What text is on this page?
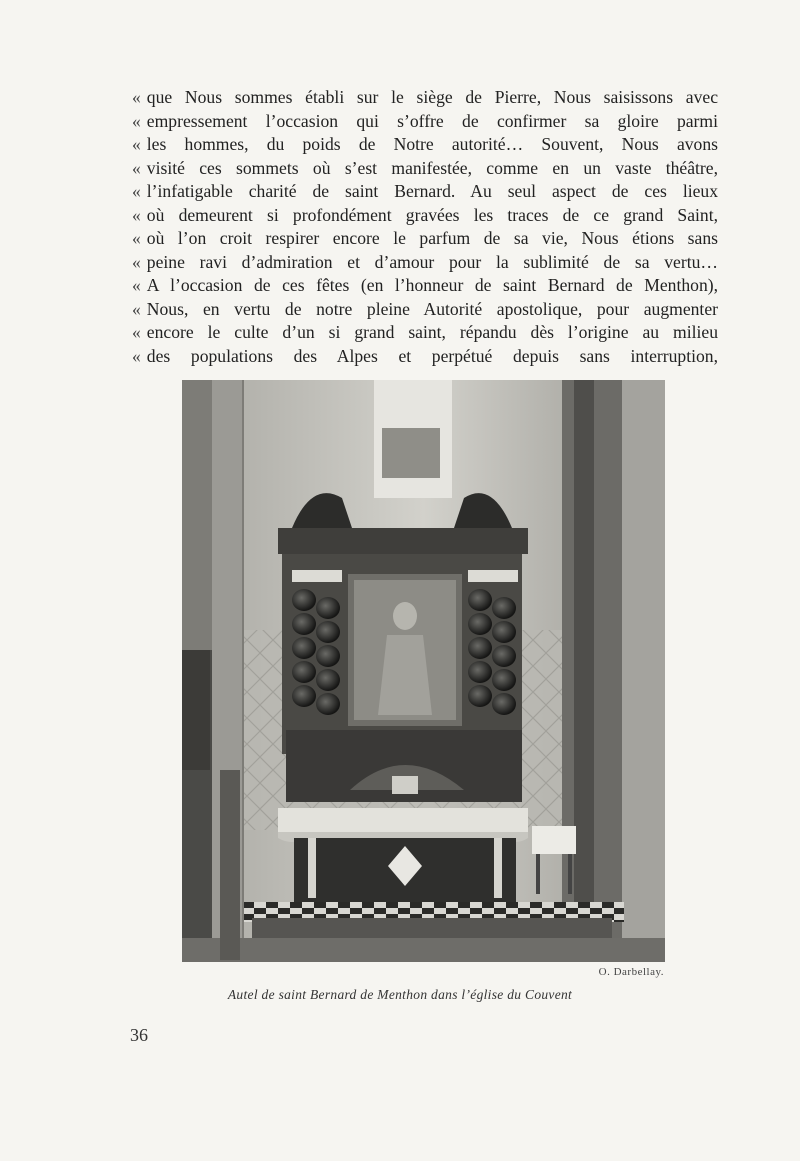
« que Nous sommes établi sur le siège de Pierre, Nous saisissons avec
« empressement l’occasion qui s’offre de confirmer sa gloire parmi
« les hommes, du poids de Notre autorité… Souvent, Nous avons
« visité ces sommets où s’est manifestée, comme en un vaste théâtre,
« l’infatigable charité de saint Bernard. Au seul aspect de ces lieux
« où demeurent si profondément gravées les traces de ce grand Saint,
« où l’on croit respirer encore le parfum de sa vie, Nous étions sans
« peine ravi d’admiration et d’amour pour la sublimité de sa vertu…
« A l’occasion de ces fêtes (en l’honneur de saint Bernard de Menthon),
« Nous, en vertu de notre pleine Autorité apostolique, pour augmenter
« encore le culte d’un si grand saint, répandu dès l’origine au milieu
« des populations des Alpes et perpétué depuis sans interruption,
O. Darbellay.
Autel de saint Bernard de Menthon dans l’église du Couvent
36
